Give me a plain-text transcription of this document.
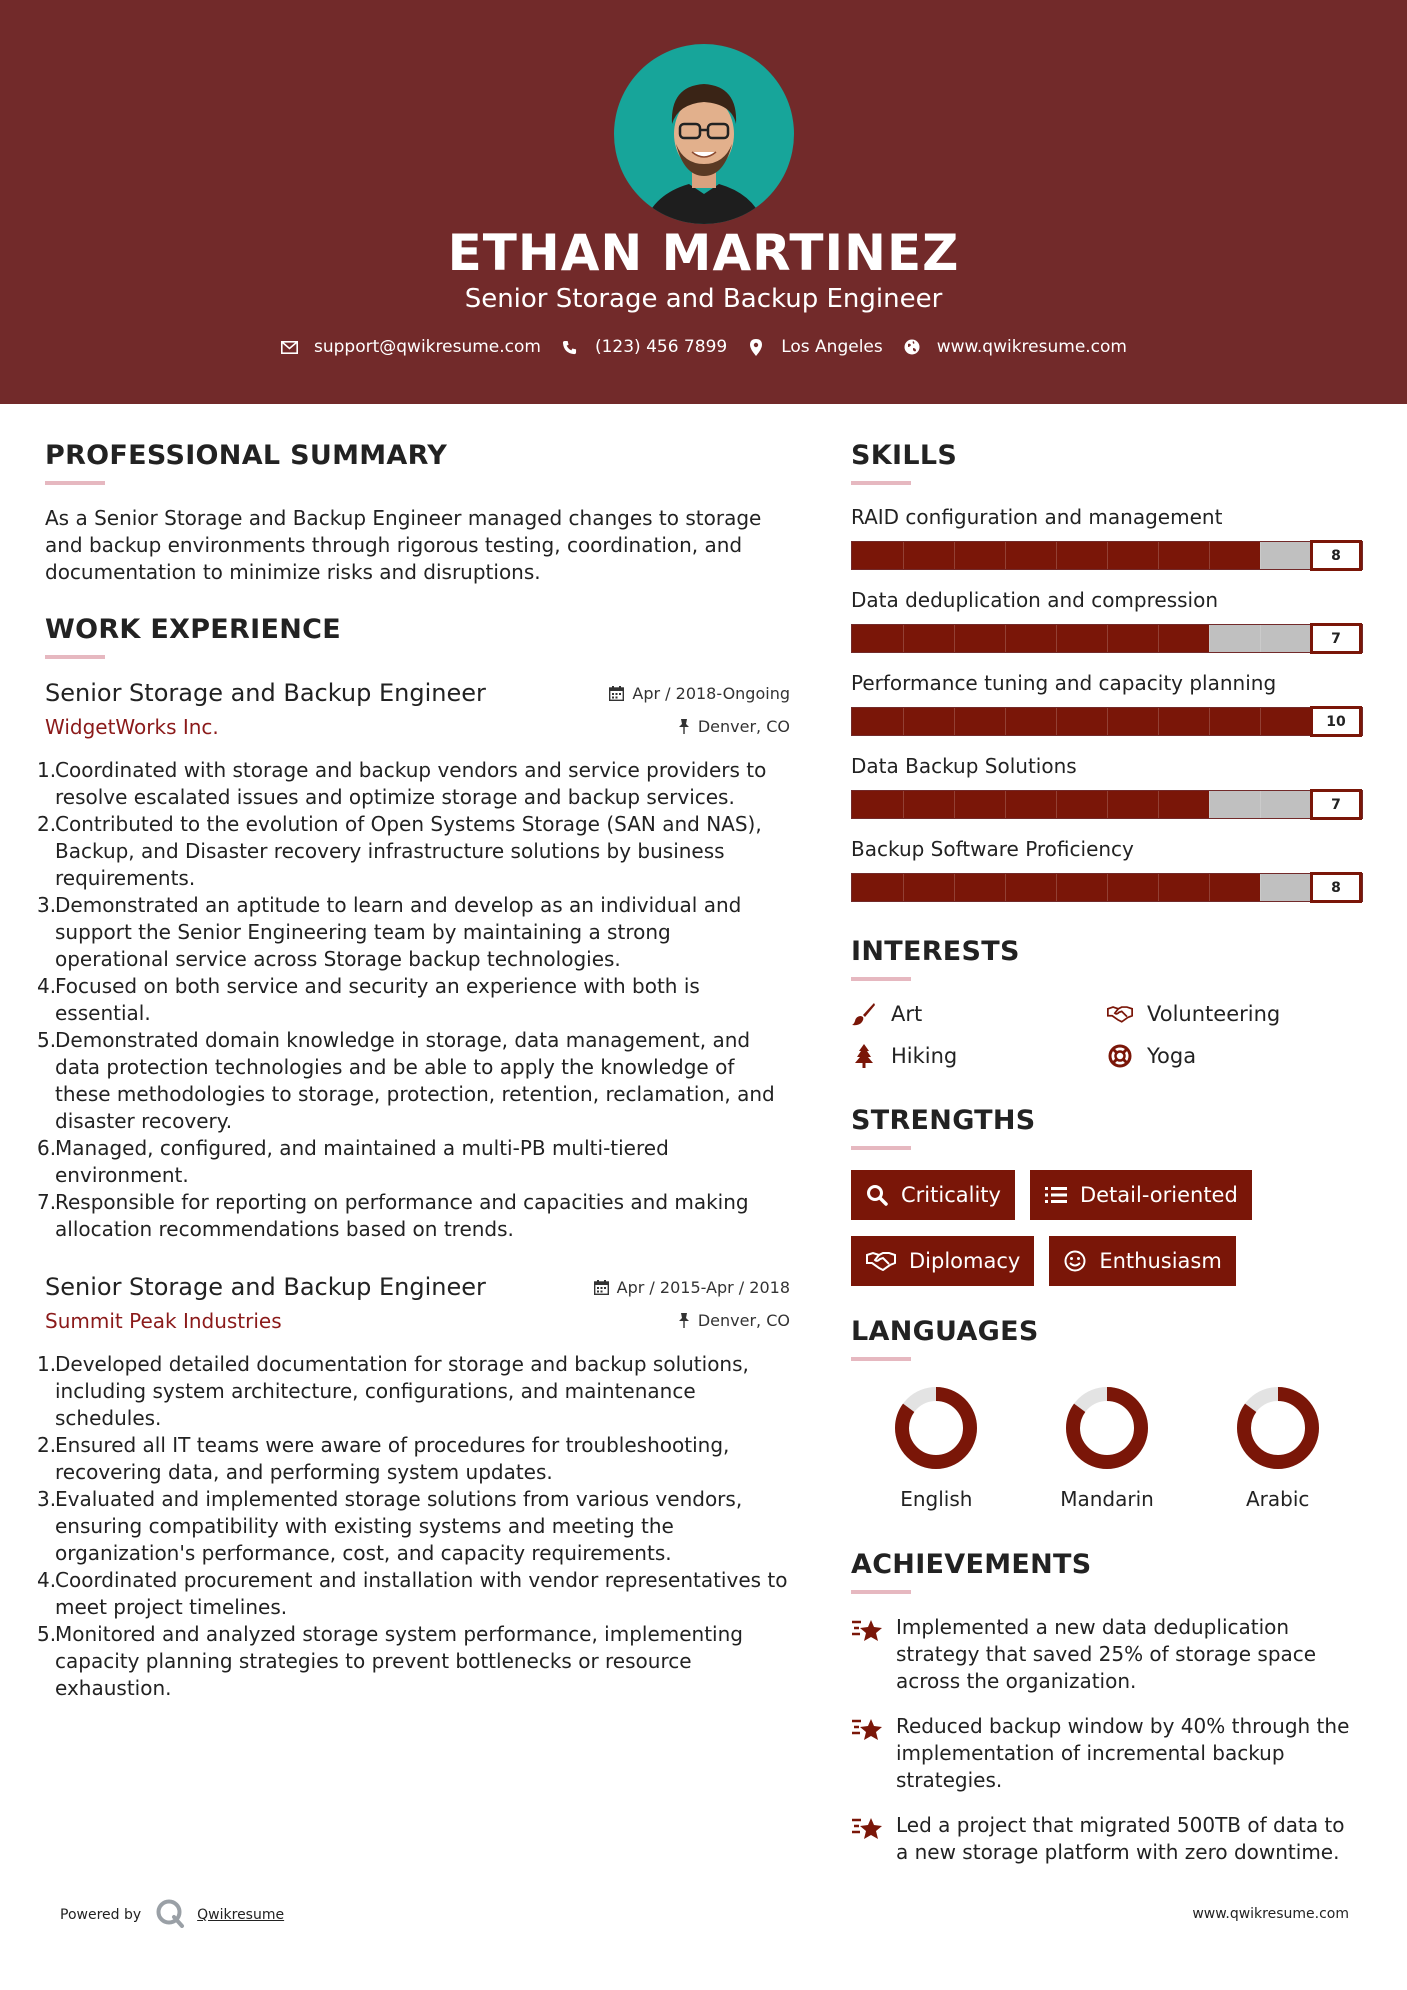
ETHAN MARTINEZ
Senior Storage and Backup Engineer
support@qwikresume.com	(123) 456 7899	Los Angeles	www.qwikresume.com
PROFESSIONAL SUMMARY
As a Senior Storage and Backup Engineer managed changes to storage and backup environments through rigorous testing, coordination, and documentation to minimize risks and disruptions.
WORK EXPERIENCE
Senior Storage and Backup Engineer	Apr / 2018-Ongoing
WidgetWorks Inc.	Denver, CO
1.
Coordinated with storage and backup vendors and service providers to resolve escalated issues and optimize storage and backup services.
2.
Contributed to the evolution of Open Systems Storage (SAN and NAS), Backup, and Disaster recovery infrastructure solutions by business requirements.
3.
Demonstrated an aptitude to learn and develop as an individual and support the Senior Engineering team by maintaining a strong operational service across Storage backup technologies.
4.
Focused on both service and security an experience with both is essential.
5.
Demonstrated domain knowledge in storage, data management, and data protection technologies and be able to apply the knowledge of these methodologies to storage, protection, retention, reclamation, and disaster recovery.
6.
Managed, configured, and maintained a multi-PB multi-tiered environment.
7.
Responsible for reporting on performance and capacities and making allocation recommendations based on trends.
Senior Storage and Backup Engineer	Apr / 2015-Apr / 2018
Summit Peak Industries	Denver, CO
1.
Developed detailed documentation for storage and backup solutions, including system architecture, configurations, and maintenance schedules.
2.
Ensured all IT teams were aware of procedures for troubleshooting, recovering data, and performing system updates.
3.
Evaluated and implemented storage solutions from various vendors, ensuring compatibility with existing systems and meeting the organization's performance, cost, and capacity requirements.
4.
Coordinated procurement and installation with vendor representatives to meet project timelines.
5.
Monitored and analyzed storage system performance, implementing capacity planning strategies to prevent bottlenecks or resource exhaustion.
SKILLS
RAID configuration and management
8
Data deduplication and compression
7
Performance tuning and capacity planning
10
Data Backup Solutions
7
Backup Software Proficiency
8
INTERESTS
Art	Volunteering
Hiking	Yoga
STRENGTHS
Criticality	Detail-oriented
Diplomacy	Enthusiasm
LANGUAGES
English	Mandarin	Arabic
ACHIEVEMENTS
Implemented a new data deduplication strategy that saved 25% of storage space across the organization.
Reduced backup window by 40% through the implementation of incremental backup strategies.
Led a project that migrated 500TB of data to a new storage platform with zero downtime.
Powered by	Qwikresume	www.qwikresume.com
